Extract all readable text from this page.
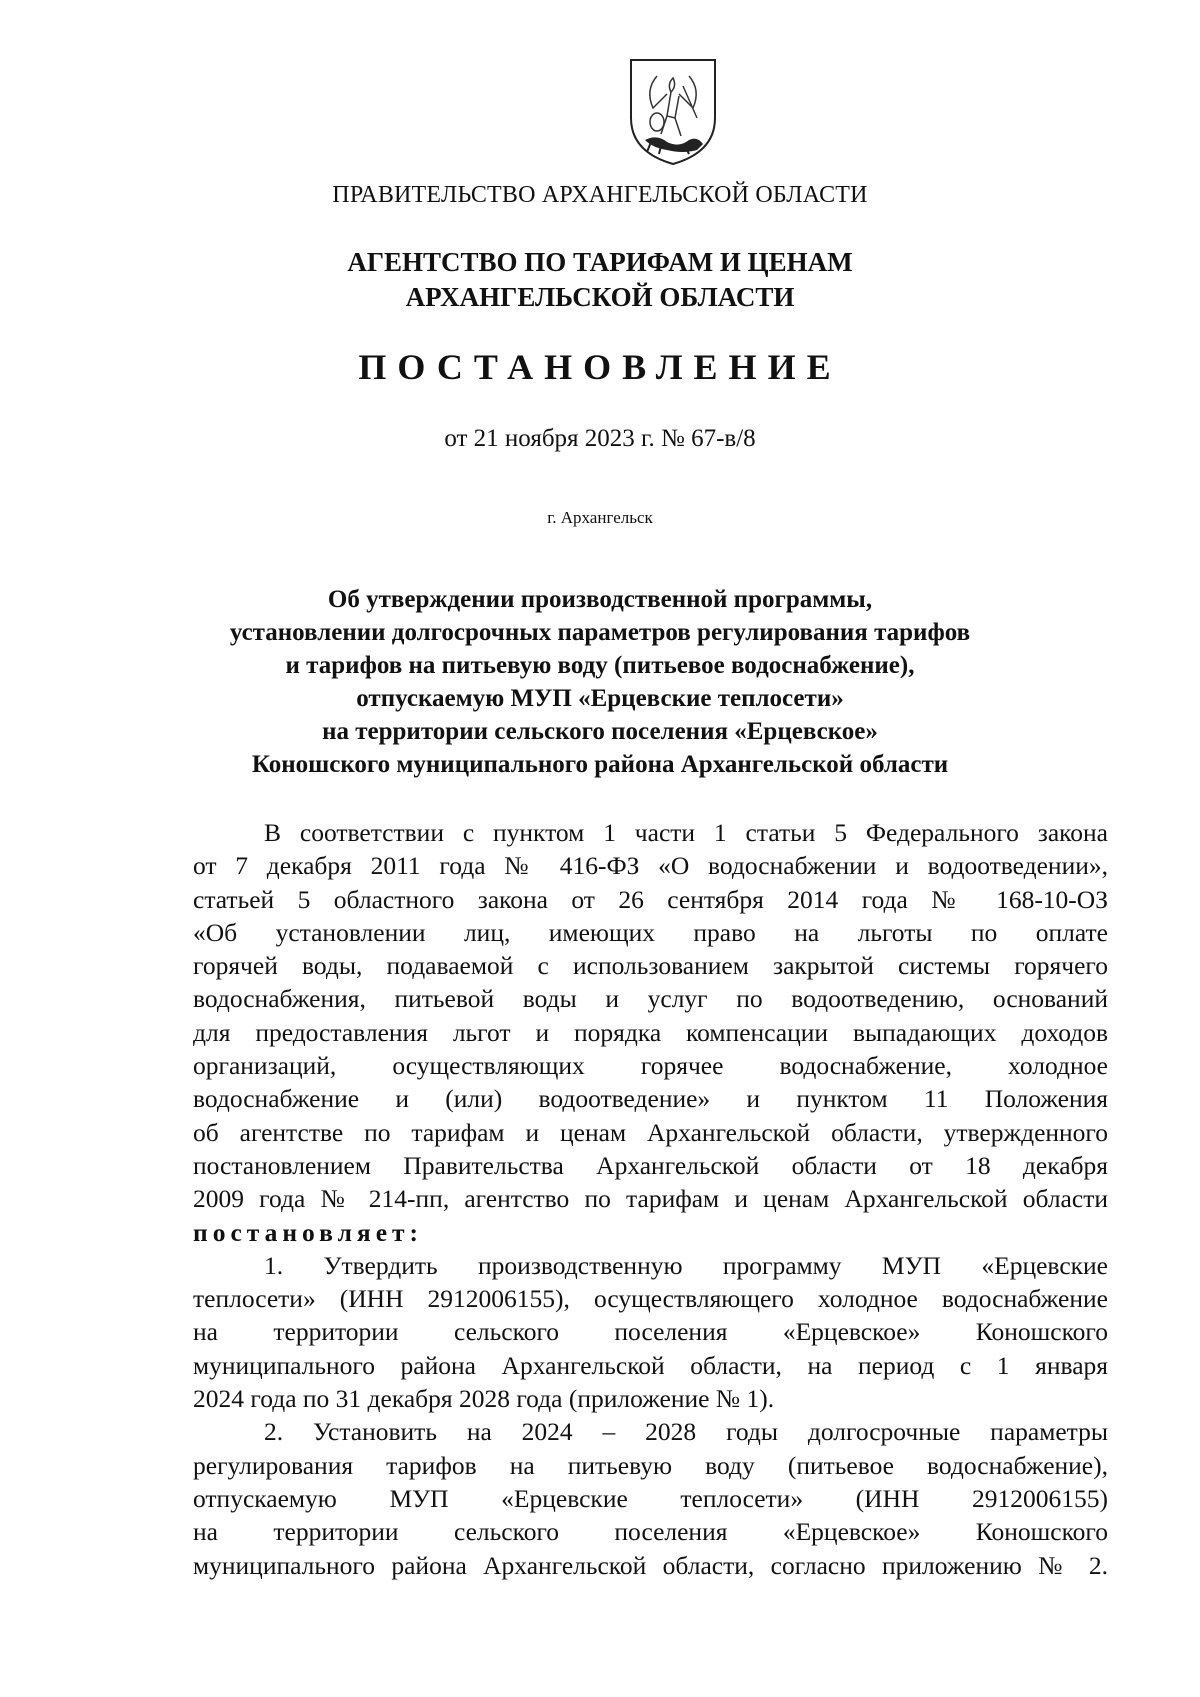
ПРАВИТЕЛЬСТВО АРХАНГЕЛЬСКОЙ ОБЛАСТИ
АГЕНТСТВО ПО ТАРИФАМ И ЦЕНАМ
АРХАНГЕЛЬСКОЙ ОБЛАСТИ
ПОСТАНОВЛЕНИЕ
от 21 ноября 2023 г. № 67-в/8
г. Архангельск
Об утверждении производственной программы,
установлении долгосрочных параметров регулирования тарифов
и тарифов на питьевую воду (питьевое водоснабжение),
отпускаемую МУП «Ерцевские теплосети»
на территории сельского поселения «Ерцевское»
Коношского муниципального района Архангельской области
В соответствии с пунктом 1 части 1 статьи 5 Федерального закона
от 7 декабря 2011 года № 416-ФЗ «О водоснабжении и водоотведении»,
статьей 5 областного закона от 26 сентября 2014 года № 168-10-ОЗ
«Об установлении лиц, имеющих право на льготы по оплате
горячей воды, подаваемой с использованием закрытой системы горячего
водоснабжения, питьевой воды и услуг по водоотведению, оснований
для предоставления льгот и порядка компенсации выпадающих доходов
организаций, осуществляющих горячее водоснабжение, холодное
водоснабжение и (или) водоотведение» и пунктом 11 Положения
об агентстве по тарифам и ценам Архангельской области, утвержденного
постановлением Правительства Архангельской области от 18 декабря
2009 года № 214-пп, агентство по тарифам и ценам Архангельской области
постановляет:
1. Утвердить производственную программу МУП «Ерцевские
теплосети» (ИНН 2912006155), осуществляющего холодное водоснабжение
на территории сельского поселения «Ерцевское» Коношского
муниципального района Архангельской области, на период с 1 января
2024 года по 31 декабря 2028 года (приложение № 1).
2. Установить на 2024 – 2028 годы долгосрочные параметры
регулирования тарифов на питьевую воду (питьевое водоснабжение),
отпускаемую МУП «Ерцевские теплосети» (ИНН 2912006155)
на территории сельского поселения «Ерцевское» Коношского
муниципального района Архангельской области, согласно приложению № 2.
